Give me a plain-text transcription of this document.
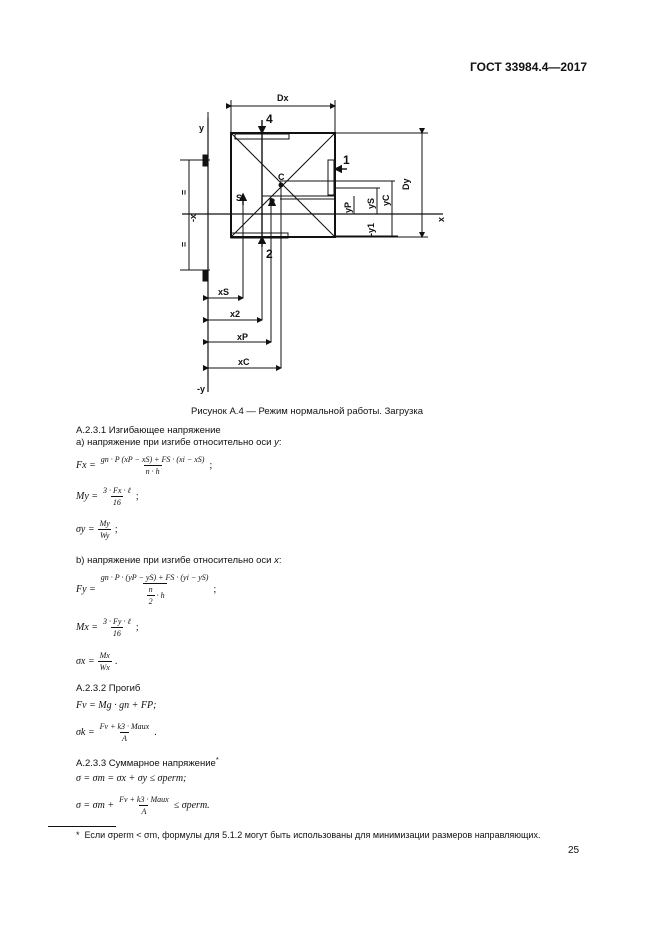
ГОСТ 33984.4—2017
Dx
Dy
y
-y
x
-x
=
=
1
2
4
S
C
P
xS
x2
xP
xC
yP yS yC
-y1
Рисунок А.4 — Режим нормальной работы. Загрузка
А.2.3.1 Изгибающее напряжение
а) напряжение при изгибе относительно оси y:
$Fx = \frac{gn \cdot P (xP - xS) + FS \cdot (xi - xS)}{n \cdot h}$ ;
$My = \frac{\text{3 · Fx · ℓ}}{16}$ ;
$\sigma y = \frac{My}{Wy}$ ;
b) напряжение при изгибе относительно оси x:
$Fy = \frac{gn \cdot P \cdot (yP - yS) + FS \cdot (yi - yS)}{\frac{n}{2} \cdot h}$ ;
$Mx = \frac{\text{3 · Fy · ℓ}}{16}$ ;
$\sigma x = \frac{Mx}{Wx}$ .
А.2.3.2 Прогиб
Fv = Mg · gn + FP;
$\sigma k = \frac{\text{Fv + k3 · Maux}}{A}$ .
А.2.3.3 Суммарное напряжение*
σ = σm = σx + σy ≤ σperm;
$\sigma = \sigma m + \frac{\text{Fv + k3 · Maux}}{A}$ ≤ σperm.
* Если σperm < σm, формулы для 5.1.2 могут быть использованы для минимизации размеров направляющих.
25
